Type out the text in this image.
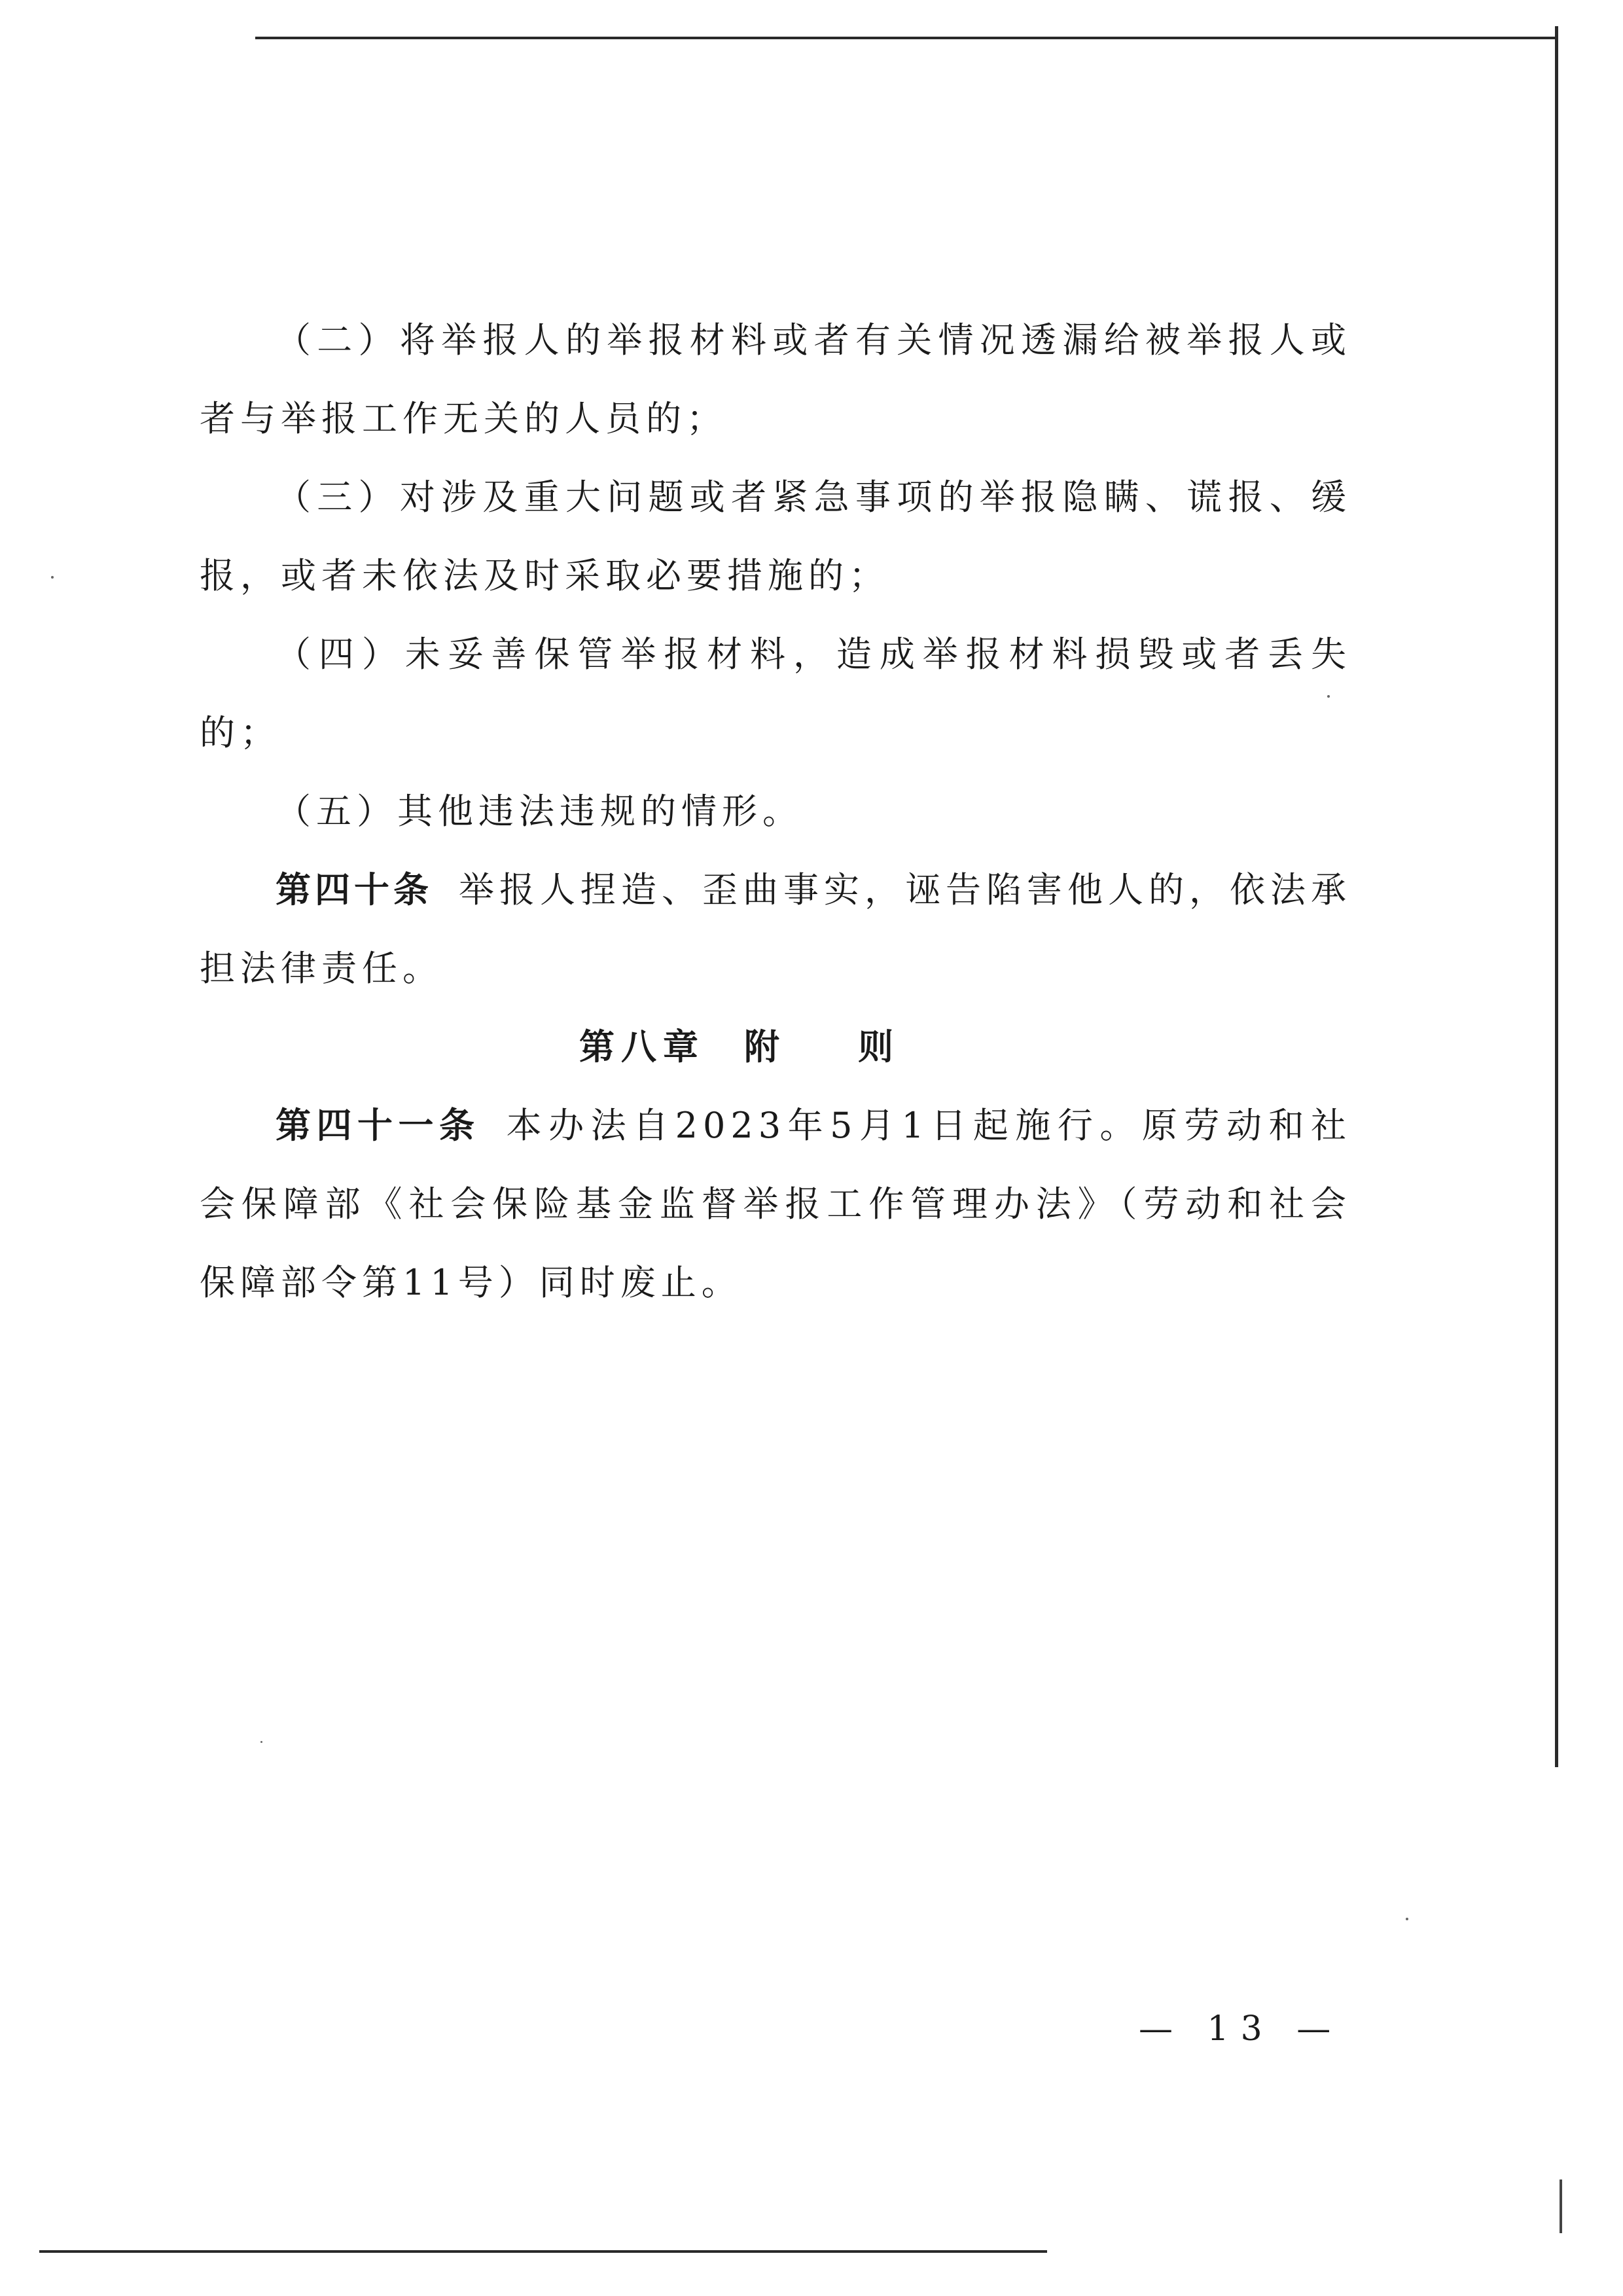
（二）将举报人的举报材料或者有关情况透漏给被举报人或者与举报工作无关的人员的；

（三）对涉及重大问题或者紧急事项的举报隐瞒、谎报、缓报，或者未依法及时采取必要措施的；

（四）未妥善保管举报材料，造成举报材料损毁或者丢失的；

（五）其他违法违规的情形。

第四十条 举报人捏造、歪曲事实，诬告陷害他人的，依法承担法律责任。

第八章 附则

第四十一条 本办法自2023年5月1日起施行。原劳动和社会保障部《社会保险基金监督举报工作管理办法》（劳动和社会保障部令第11号）同时废止。

— 13 —
